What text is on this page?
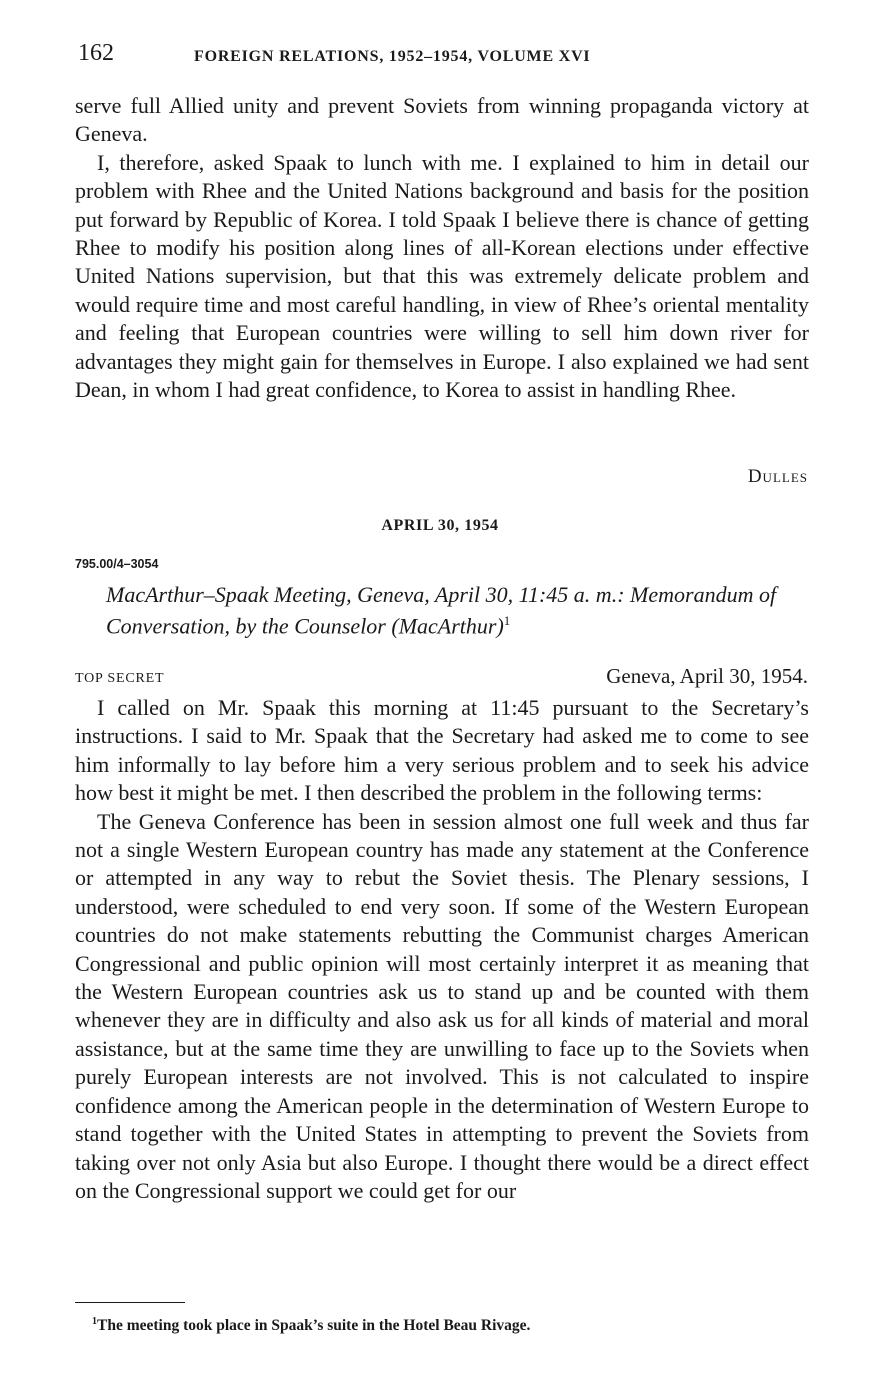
162	FOREIGN RELATIONS, 1952–1954, VOLUME XVI

serve full Allied unity and prevent Soviets from winning propaganda victory at Geneva.

I, therefore, asked Spaak to lunch with me. I explained to him in detail our problem with Rhee and the United Nations background and basis for the position put forward by Republic of Korea. I told Spaak I believe there is chance of getting Rhee to modify his position along lines of all-Korean elections under effective United Nations supervision, but that this was extremely delicate problem and would require time and most careful handling, in view of Rhee’s oriental mentality and feeling that European countries were willing to sell him down river for advantages they might gain for themselves in Europe. I also explained we had sent Dean, in whom I had great confidence, to Korea to assist in handling Rhee.

Dulles
APRIL 30, 1954
795.00/4–3054
MacArthur–Spaak Meeting, Geneva, April 30, 11:45 a. m.: Memorandum of Conversation, by the Counselor (MacArthur)$^1$
TOP SECRET	Geneva, April 30, 1954.

I called on Mr. Spaak this morning at 11:45 pursuant to the Secretary’s instructions. I said to Mr. Spaak that the Secretary had asked me to come to see him informally to lay before him a very serious problem and to seek his advice how best it might be met. I then described the problem in the following terms:

The Geneva Conference has been in session almost one full week and thus far not a single Western European country has made any statement at the Conference or attempted in any way to rebut the Soviet thesis. The Plenary sessions, I understood, were scheduled to end very soon. If some of the Western European countries do not make statements rebutting the Communist charges American Congressional and public opinion will most certainly interpret it as meaning that the Western European countries ask us to stand up and be counted with them whenever they are in difficulty and also ask us for all kinds of material and moral assistance, but at the same time they are unwilling to face up to the Soviets when purely European interests are not involved. This is not calculated to inspire confidence among the American people in the determination of Western Europe to stand together with the United States in attempting to prevent the Soviets from taking over not only Asia but also Europe. I thought there would be a direct effect on the Congressional support we could get for our

$^1$The meeting took place in Spaak’s suite in the Hotel Beau Rivage.
